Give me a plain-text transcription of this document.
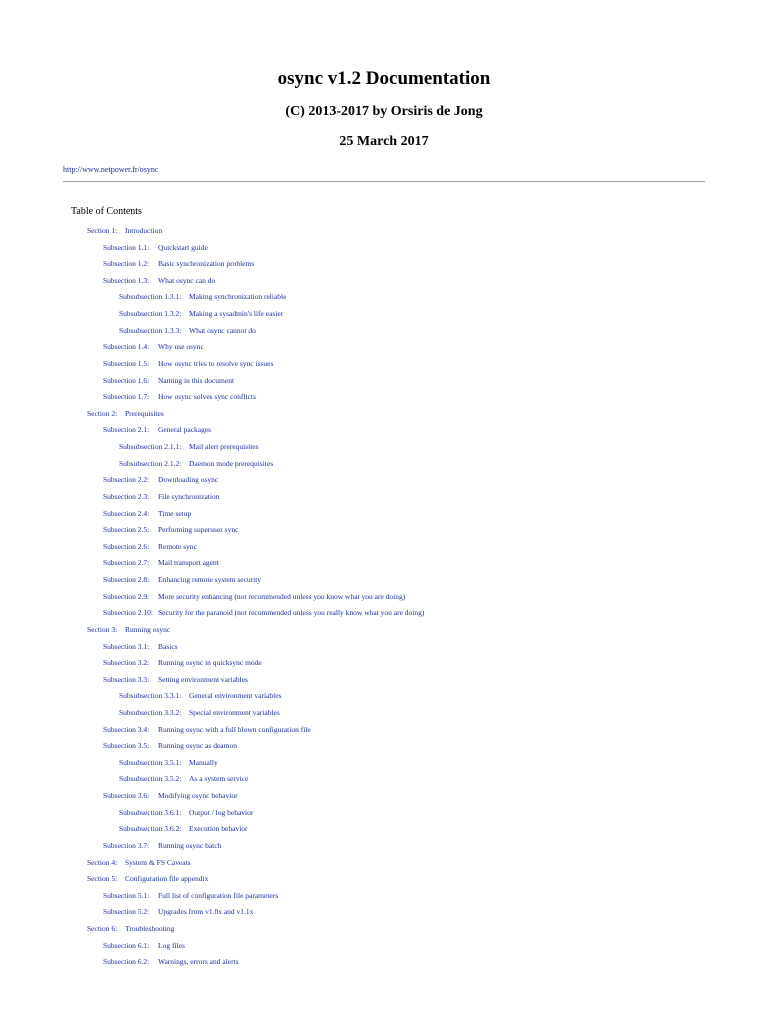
osync v1.2 Documentation
(C) 2013-2017 by Orsiris de Jong
25 March 2017
http://www.netpower.fr/osync
Table of Contents
Section 1: Introduction
Subsection 1.1: Quickstart guide
Subsection 1.2: Basic synchronization problems
Subsection 1.3: What osync can do
Subsubsection 1.3.1: Making synchronization reliable
Subsubsection 1.3.2: Making a sysadmin's life easier
Subsubsection 1.3.3: What osync cannot do
Subsection 1.4: Why use osync
Subsection 1.5: How osync tries to resolve sync issues
Subsection 1.6: Naming in this document
Subsection 1.7: How osync solves sync conflicts
Section 2: Prerequisites
Subsection 2.1: General packages
Subsubsection 2.1.1: Mail alert prerequisites
Subsubsection 2.1.2: Daemon mode prerequisites
Subsection 2.2: Downloading osync
Subsection 2.3: File synchronization
Subsection 2.4: Time setup
Subsection 2.5: Performing superuser sync
Subsection 2.6: Remote sync
Subsection 2.7: Mail transport agent
Subsection 2.8: Enhancing remote system security
Subsection 2.9: More security enhancing (not recommended unless you know what you are doing)
Subsection 2.10: Security for the paranoid (not recommended unless you really know what you are doing)
Section 3: Running osync
Subsection 3.1: Basics
Subsection 3.2: Running osync in quicksync mode
Subsection 3.3: Setting environment variables
Subsubsection 3.3.1: General environment variables
Subsubsection 3.3.2: Special environment variables
Subsection 3.4: Running osync with a full blown configuration file
Subsection 3.5: Running osync as deamon
Subsubsection 3.5.1: Manually
Subsubsection 3.5.2: As a system service
Subsection 3.6: Modifying osync behavior
Subsubsection 3.6.1: Output / log behavior
Subsubsection 3.6.2: Execution behavior
Subsection 3.7: Running osync batch
Section 4: System & FS Caveats
Section 5: Configuration file appendix
Subsection 5.1: Full list of configuration file parameters
Subsection 5.2: Upgrades from v1.0x and v1.1x
Section 6: Troubleshooting
Subsection 6.1: Log files
Subsection 6.2: Warnings, errors and alerts
